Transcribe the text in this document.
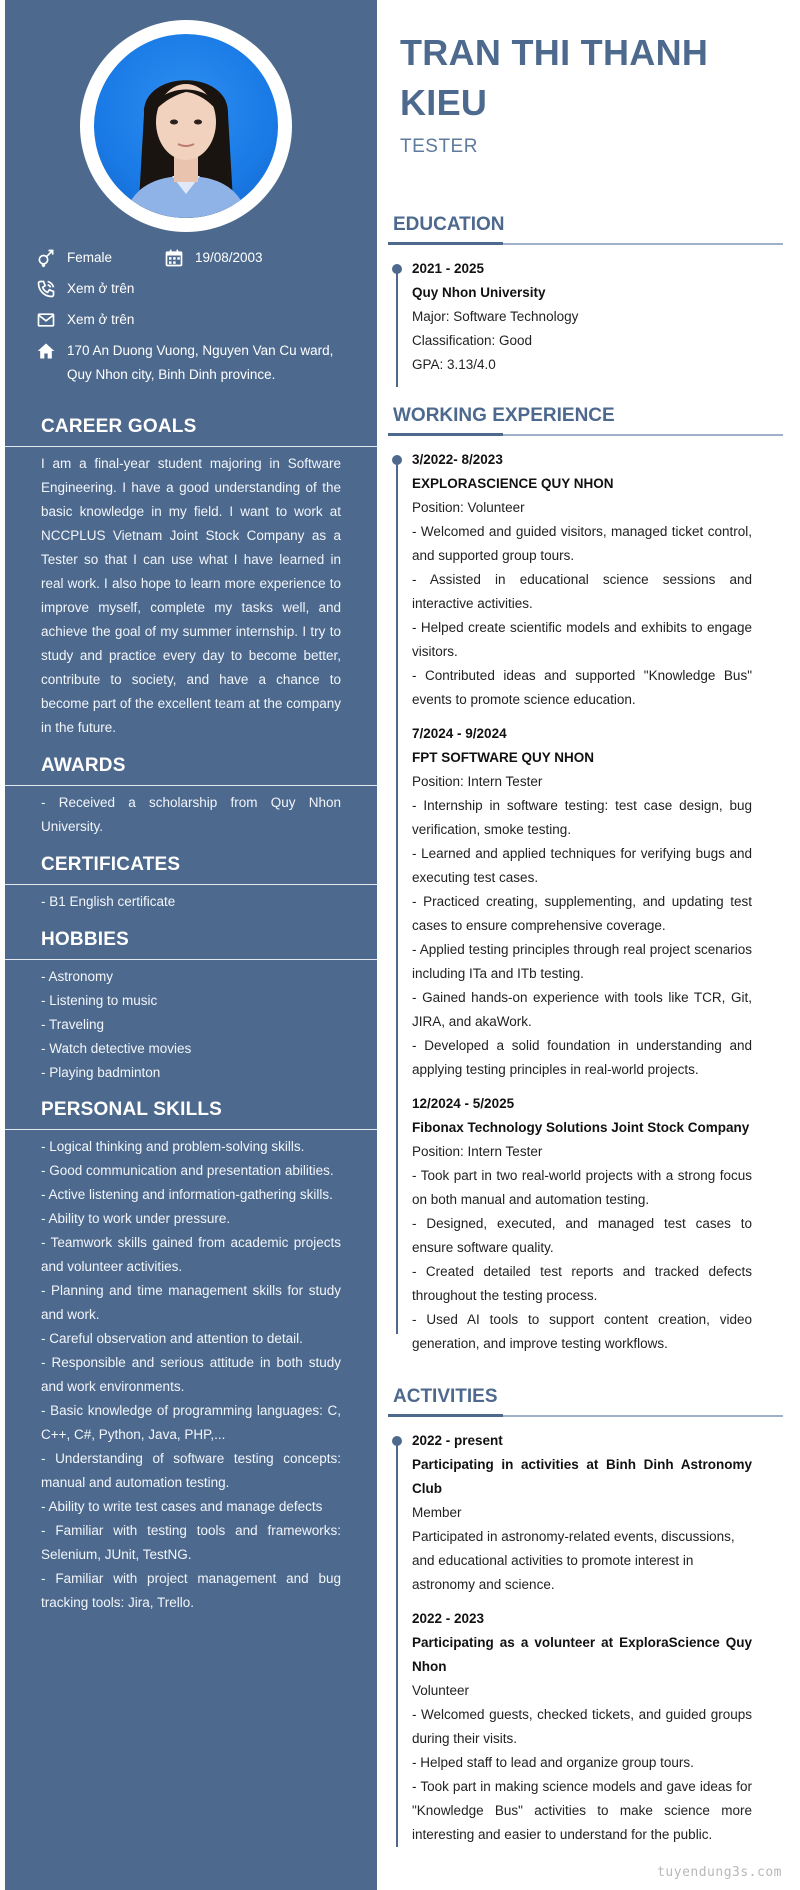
Female	19/08/2003
Xem ở trên
Xem ở trên
170 An Duong Vuong, Nguyen Van Cu ward, Quy Nhon city, Binh Dinh province.
CAREER GOALS
I am a final-year student majoring in Software Engineering. I have a good understanding of the basic knowledge in my field. I want to work at NCCPLUS Vietnam Joint Stock Company as a Tester so that I can use what I have learned in real work. I also hope to learn more experience to improve myself, complete my tasks well, and achieve the goal of my summer internship. I try to study and practice every day to become better, contribute to society, and have a chance to become part of the excellent team at the company in the future.
AWARDS
- Received a scholarship from Quy Nhon University.
CERTIFICATES
- B1 English certificate
HOBBIES
- Astronomy
- Listening to music
- Traveling
- Watch detective movies
- Playing badminton
PERSONAL SKILLS
- Logical thinking and problem-solving skills.
- Good communication and presentation abilities.
- Active listening and information-gathering skills.
- Ability to work under pressure.
- Teamwork skills gained from academic projects and volunteer activities.
- Planning and time management skills for study and work.
- Careful observation and attention to detail.
- Responsible and serious attitude in both study and work environments.
- Basic knowledge of programming languages: C, C++, C#, Python, Java, PHP,...
- Understanding of software testing concepts: manual and automation testing.
- Ability to write test cases and manage defects
- Familiar with testing tools and frameworks: Selenium, JUnit, TestNG.
- Familiar with project management and bug tracking tools: Jira, Trello.
TRAN THI THANH KIEU
TESTER
EDUCATION
2021 - 2025
Quy Nhon University
Major: Software Technology
Classification: Good
GPA: 3.13/4.0
WORKING EXPERIENCE
3/2022- 8/2023
EXPLORASCIENCE QUY NHON
Position: Volunteer
- Welcomed and guided visitors, managed ticket control, and supported group tours.
- Assisted in educational science sessions and interactive activities.
- Helped create scientific models and exhibits to engage visitors.
- Contributed ideas and supported "Knowledge Bus" events to promote science education.
7/2024 - 9/2024
FPT SOFTWARE QUY NHON
Position: Intern Tester
- Internship in software testing: test case design, bug verification, smoke testing.
- Learned and applied techniques for verifying bugs and executing test cases.
- Practiced creating, supplementing, and updating test cases to ensure comprehensive coverage.
- Applied testing principles through real project scenarios including ITa and ITb testing.
- Gained hands-on experience with tools like TCR, Git, JIRA, and akaWork.
- Developed a solid foundation in understanding and applying testing principles in real-world projects.
12/2024 - 5/2025
Fibonax Technology Solutions Joint Stock Company
Position: Intern Tester
- Took part in two real-world projects with a strong focus on both manual and automation testing.
- Designed, executed, and managed test cases to ensure software quality.
- Created detailed test reports and tracked defects throughout the testing process.
- Used AI tools to support content creation, video generation, and improve testing workflows.
ACTIVITIES
2022 - present
Participating in activities at Binh Dinh Astronomy Club
Member
Participated in astronomy-related events, discussions, and educational activities to promote interest in astronomy and science.
2022 - 2023
Participating as a volunteer at ExploraScience Quy Nhon
Volunteer
- Welcomed guests, checked tickets, and guided groups during their visits.
- Helped staff to lead and organize group tours.
- Took part in making science models and gave ideas for "Knowledge Bus" activities to make science more interesting and easier to understand for the public.
tuyendung3s.com
